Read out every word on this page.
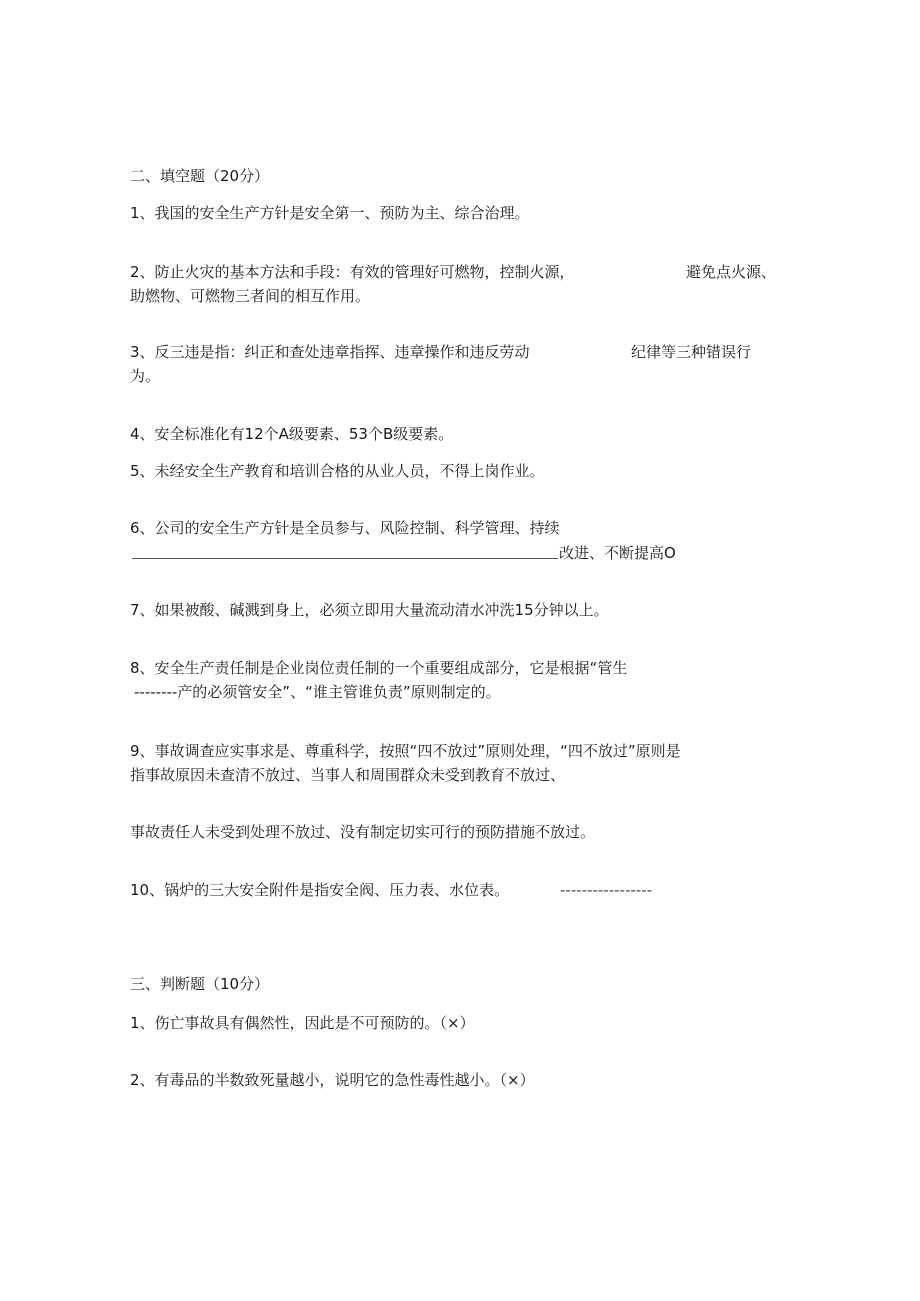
二、填空题（20分）
1、我国的安全生产方针是安全第一、预防为主、综合治理。
2、防止火灾的基本方法和手段：有效的管理好可燃物，控制火源，	避免点火源、
助燃物、可燃物三者间的相互作用。
3、反三违是指：纠正和查处违章指挥、违章操作和违反劳动	纪律等三种错误行
为。
4、安全标准化有12个A级要素、53个B级要素。
5、未经安全生产教育和培训合格的从业人员，不得上岗作业。
6、公司的安全生产方针是全员参与、风险控制、科学管理、持续
改进、不断提高O
7、如果被酸、碱溅到身上，必须立即用大量流动清水冲洗15分钟以上。
8、安全生产责任制是企业岗位责任制的一个重要组成部分，它是根据“管生
--------产的必须管安全”、“谁主管谁负责”原则制定的。
9、事故调查应实事求是、尊重科学，按照“四不放过”原则处理，“四不放过”原则是
指事故原因未查清不放过、当事人和周围群众未受到教育不放过、
事故责任人未受到处理不放过、没有制定切实可行的预防措施不放过。
10、锅炉的三大安全附件是指安全阀、压力表、水位表。	-----------------
三、判断题（10分）
1、伤亡事故具有偶然性，因此是不可预防的。（×）
2、有毒品的半数致死量越小，说明它的急性毒性越小。（×）
